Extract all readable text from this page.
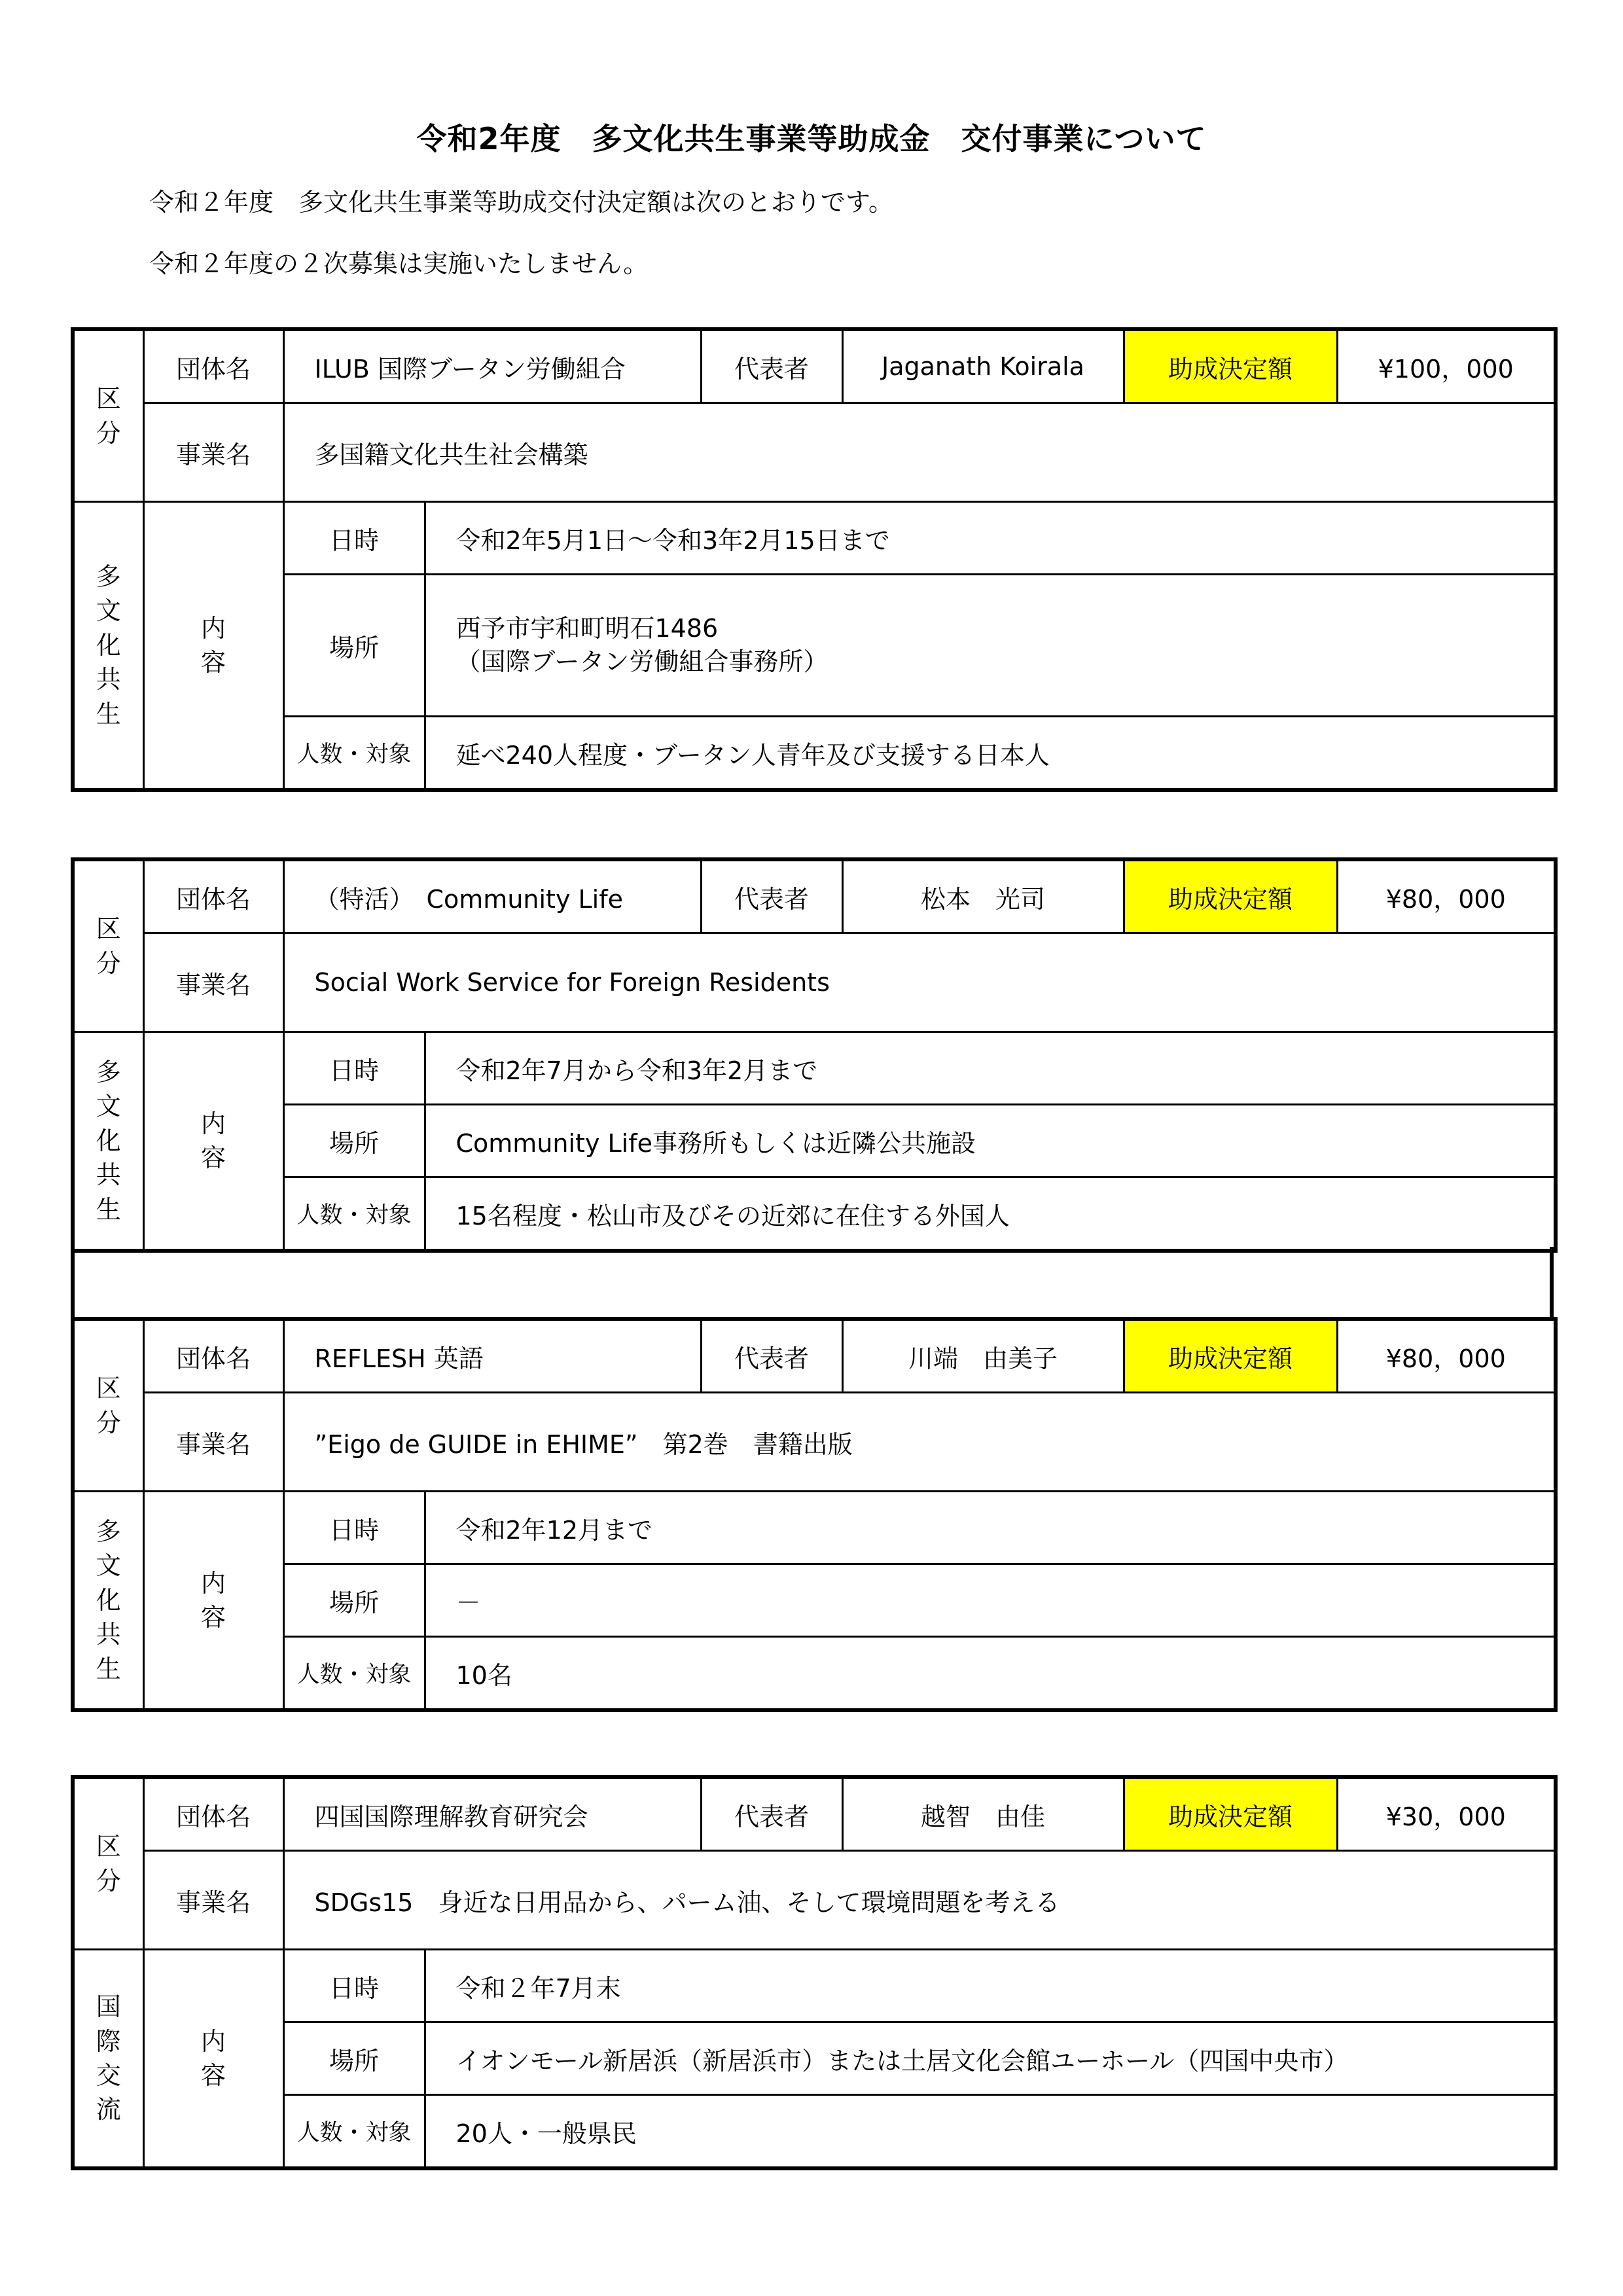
令和2年度　多文化共生事業等助成金　交付事業について
令和２年度　多文化共生事業等助成交付決定額は次のとおりです。
令和２年度の２次募集は実施いたしません。
区
分	団体名	ILUB 国際ブータン労働組合		代表者	Jaganath Koirala	助成決定額	¥100，000
	事業名	多国籍文化共生社会構築					
多
文
化
共
生	内
容	日時	令和2年5月1日～令和3年2月15日まで				
		場所	西予市宇和町明石1486
（国際ブータン労働組合事務所）				
		人数・対象	延べ240人程度・ブータン人青年及び支援する日本人				
区
分	団体名	（特活）　Community Life		代表者	松本　光司	助成決定額	¥80，000
	事業名	Social Work Service for Foreign Residents					
多
文
化
共
生	内
容	日時	令和2年7月から令和3年2月まで				
		場所	Community Life事務所もしくは近隣公共施設				
		人数・対象	15名程度・松山市及びその近郊に在住する外国人				
区
分	団体名	REFLESH 英語		代表者	川端　由美子	助成決定額	¥80，000
	事業名	”Eigo de GUIDE in EHIME”　第2巻　書籍出版					
多
文
化
共
生	内
容	日時	令和2年12月まで				
		場所	－				
		人数・対象	10名				
区
分	団体名	四国国際理解教育研究会		代表者	越智　由佳	助成決定額	¥30，000
	事業名	SDGs15　身近な日用品から、パーム油、そして環境問題を考える					
国
際
交
流	内
容	日時	令和２年7月末				
		場所	イオンモール新居浜（新居浜市）または土居文化会館ユーホール（四国中央市）				
		人数・対象	20人・一般県民				
